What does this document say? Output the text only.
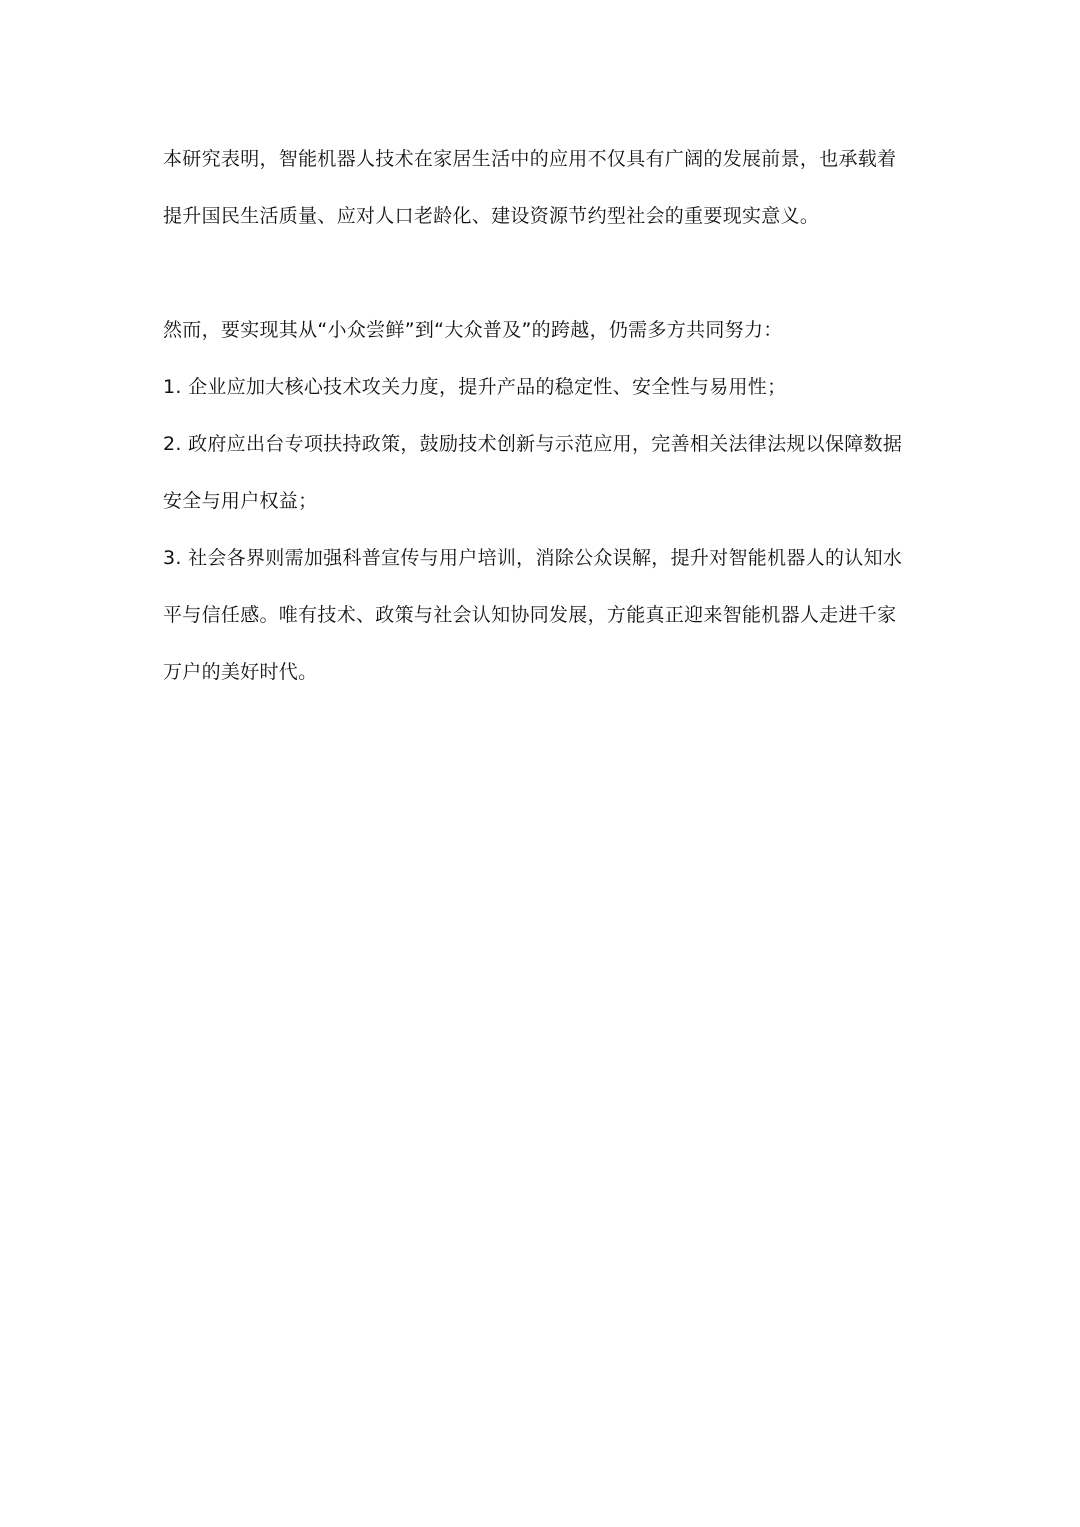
本研究表明，智能机器人技术在家居生活中的应用不仅具有广阔的发展前景，也承载着
提升国民生活质量、应对人口老龄化、建设资源节约型社会的重要现实意义。

然而，要实现其从“小众尝鲜”到“大众普及”的跨越，仍需多方共同努力：
1. 企业应加大核心技术攻关力度，提升产品的稳定性、安全性与易用性；
2. 政府应出台专项扶持政策，鼓励技术创新与示范应用，完善相关法律法规以保障数据
安全与用户权益；
3. 社会各界则需加强科普宣传与用户培训，消除公众误解，提升对智能机器人的认知水
平与信任感。唯有技术、政策与社会认知协同发展，方能真正迎来智能机器人走进千家
万户的美好时代。
